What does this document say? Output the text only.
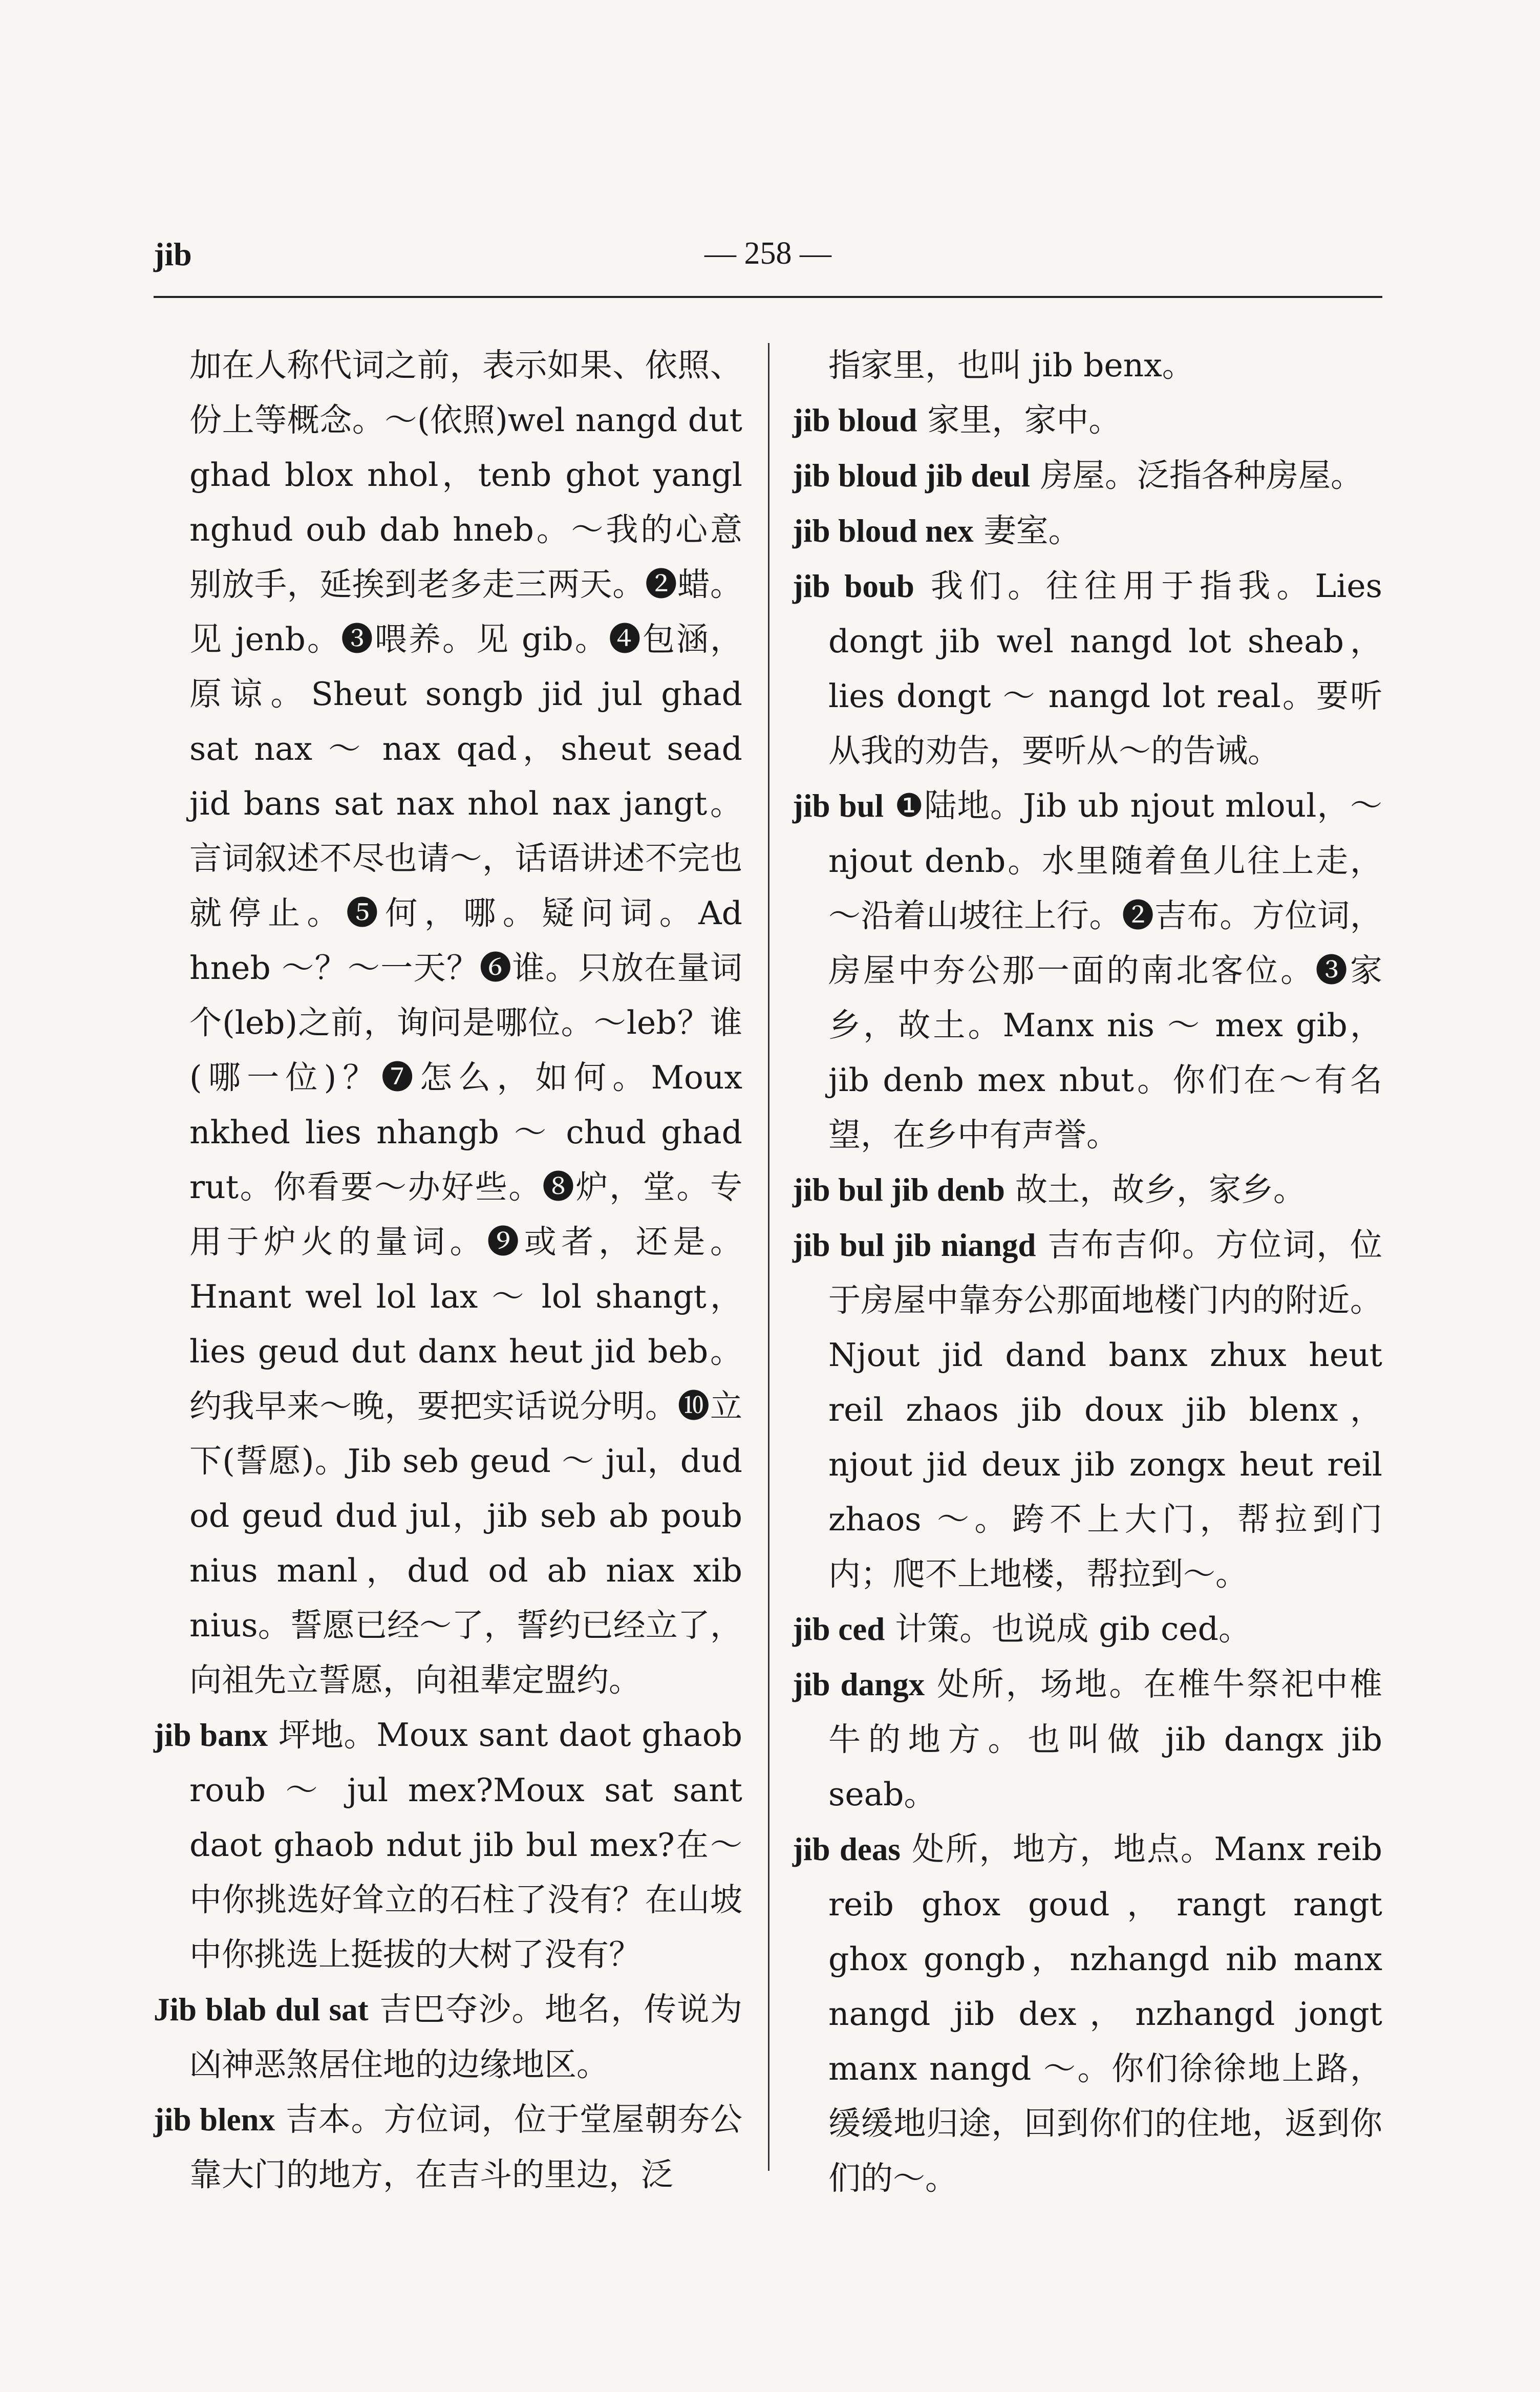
jib	— 258 —

加在人称代词之前，表示如果、依照、份上等概念。～(依照)wel nangd dut ghad blox nhol，tenb ghot yangl nghud oub dab hneb。～我的心意别放手，延挨到老多走三两天。❷蜡。见 jenb。❸喂养。见 gib。❹包涵，原谅。Sheut songb jid jul ghad sat nax ～ nax qad，sheut sead jid bans sat nax nhol nax jangt。言词叙述不尽也请～，话语讲述不完也就停止。❺何，哪。疑问词。Ad hneb ～？～一天？❻谁。只放在量词个(leb)之前，询问是哪位。～leb？谁(哪一位)？❼怎么，如何。Moux nkhed lies nhangb ～ chud ghad rut。你看要～办好些。❽炉，堂。专用于炉火的量词。❾或者，还是。Hnant wel lol lax ～ lol shangt，lies geud dut danx heut jid beb。约我早来～晚，要把实话说分明。❿立下(誓愿)。Jib seb geud ～ jul，dud od geud dud jul，jib seb ab poub nius manl，dud od ab niax xib nius。誓愿已经～了，誓约已经立了，向祖先立誓愿，向祖辈定盟约。

jib banx 坪地。Moux sant daot ghaob roub ～ jul mex?Moux sat sant daot ghaob ndut jib bul mex?在～中你挑选好耸立的石柱了没有？在山坡中你挑选上挺拔的大树了没有？

Jib blab dul sat 吉巴夺沙。地名，传说为凶神恶煞居住地的边缘地区。

jib blenx 吉本。方位词，位于堂屋朝夯公靠大门的地方，在吉斗的里边，泛

指家里，也叫 jib benx。

jib bloud 家里，家中。

jib bloud jib deul 房屋。泛指各种房屋。

jib bloud nex 妻室。

jib boub 我们。往往用于指我。Lies dongt jib wel nangd lot sheab，lies dongt ～ nangd lot real。要听从我的劝告，要听从～的告诫。

jib bul ❶陆地。Jib ub njout mloul，～ njout denb。水里随着鱼儿往上走，～沿着山坡往上行。❷吉布。方位词，房屋中夯公那一面的南北客位。❸家乡，故土。Manx nis ～ mex gib，jib denb mex nbut。你们在～有名望，在乡中有声誉。

jib bul jib denb 故土，故乡，家乡。

jib bul jib niangd 吉布吉仰。方位词，位于房屋中靠夯公那面地楼门内的附近。Njout jid dand banx zhux heut reil zhaos jib doux jib blenx，njout jid deux jib zongx heut reil zhaos ～。跨不上大门，帮拉到门内；爬不上地楼，帮拉到～。

jib ced 计策。也说成 gib ced。

jib dangx 处所，场地。在椎牛祭祀中椎牛的地方。也叫做 jib dangx jib seab。

jib deas 处所，地方，地点。Manx reib reib ghox goud，rangt rangt ghox gongb，nzhangd nib manx nangd jib dex，nzhangd jongt manx nangd ～。你们徐徐地上路，缓缓地归途，回到你们的住地，返到你们的～。
